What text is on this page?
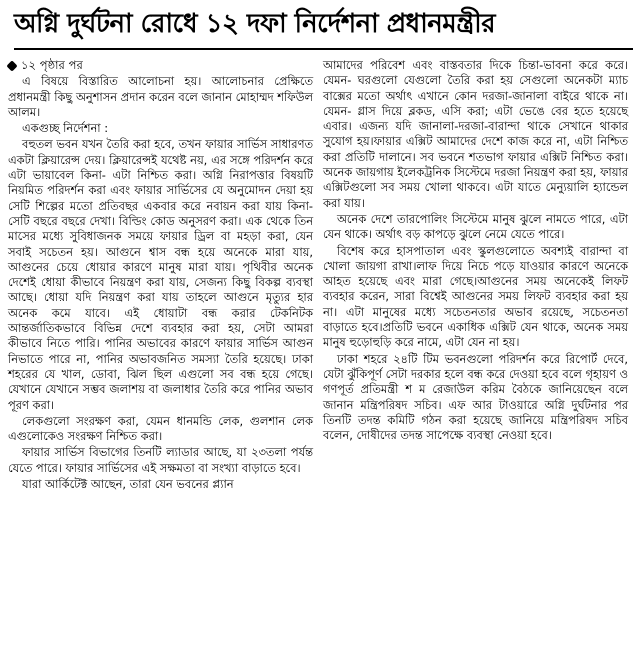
অগ্নি দুর্ঘটনা রোধে ১২ দফা নির্দেশনা প্রধানমন্ত্রীর
১২ পৃষ্ঠার পর

এ বিষয়ে বিস্তারিত আলোচনা হয়। আলোচনার প্রেক্ষিতে প্রধানমন্ত্রী কিছু অনুশাসন প্রদান করেন বলে জানান মোহাম্মদ শফিউল আলম।

একগুচ্ছ নির্দেশনা :

বহুতল ভবন যখন তৈরি করা হবে, তখন ফায়ার সার্ভিস সাধারণত একটা ক্লিয়ারেন্স দেয়। ক্লিয়ারেন্সই যথেষ্ট নয়, এর সঙ্গে পরিদর্শন করে এটা ভায়াবেল কিনা- এটা নিশ্চিত করা। অগ্নি নিরাপত্তার বিষয়টি নিয়মিত পরিদর্শন করা এবং ফায়ার সার্ভিসের যে অনুমোদন দেয়া হয় সেটি শিল্পের মতো প্রতিবছর একবার করে নবায়ন করা যায় কিনা- সেটি বছরে বছরে দেখা। বিল্ডিং কোড অনুসরণ করা। এক থেকে তিন মাসের মধ্যে সুবিধাজনক সময়ে ফায়ার ড্রিল বা মহড়া করা, যেন সবাই সচেতন হয়। আগুনে শ্বাস বন্ধ হয়ে অনেকে মারা যায়, আগুনের চেয়ে ধোয়ার কারণে মানুষ মারা যায়। পৃথিবীর অনেক দেশেই ধোয়া কীভাবে নিয়ন্ত্রণ করা যায়, সেজন্য কিছু বিকল্প ব্যবস্থা আছে। ধোয়া যদি নিয়ন্ত্রণ করা যায় তাহলে আগুনে মৃত্যুর হার অনেক কমে যাবে। এই ধোয়াটা বন্ধ করার টেকনিটক আন্তর্জাতিকভাবে বিভিন্ন দেশে ব্যবহার করা হয়, সেটা আমরা কীভাবে নিতে পারি। পানির অভাবের কারণে ফায়ার সার্ভিস আগুন নিভাতে পারে না, পানির অভাবজনিত সমস্যা তৈরি হয়েছে। ঢাকা শহরের যে খাল, ডোবা, ঝিল ছিল এগুলো সব বন্ধ হয়ে গেছে। যেখানে যেখানে সম্ভব জলাশয় বা জলাধার তৈরি করে পানির অভাব পূরণ করা।

লেকগুলো সংরক্ষণ করা, যেমন ধানমন্ডি লেক, গুলশান লেক এগুলোকেও সংরক্ষণ নিশ্চিত করা।

ফায়ার সার্ভিস বিভাগের তিনটি ল্যাডার আছে, যা ২৩তলা পর্যন্ত যেতে পারে। ফায়ার সার্ভিসের এই সক্ষমতা বা সংখ্যা বাড়াতে হবে।

যারা আর্কিটেক্ট আছেন, তারা যেন ভবনের প্ল্যান

আমাদের পরিবেশ এবং বাস্তবতার দিকে চিন্তা-ভাবনা করে করে। যেমন- ঘরগুলো যেগুলো তৈরি করা হয় সেগুলো অনেকটা ম্যাচ বাক্সের মতো অর্থাৎ এখানে কোন দরজা-জানালা বাইরে থাকে না। যেমন- গ্লাস দিয়ে ব্লকড, এসি করা; এটা ভেঙে বের হতে হয়েছে এবার। এজন্য যদি জানালা-দরজা-বারান্দা থাকে সেখানে থাকার সুযোগ হয়।ফায়ার এক্সিট আমাদের দেশে কাজ করে না, এটা নিশ্চিত করা প্রতিটি দালানে। সব ভবনে শতভাগ ফায়ার এক্সিট নিশ্চিত করা। অনেক জায়গায় ইলেকট্রনিক সিস্টেমে দরজা নিয়ন্ত্রণ করা হয়, ফায়ার এক্সিটগুলো সব সময় খোলা থাকবে। এটা যাতে মেন্যুয়ালি হ্যান্ডেল করা যায়।

অনেক দেশে তারপোলিং সিস্টেমে মানুষ ঝুলে নামতে পারে, এটা যেন থাকে। অর্থাৎ বড় কাপড়ে ঝুলে নেমে যেতে পারে।

বিশেষ করে হাসপাতাল এবং স্কুলগুলোতে অবশ্যই বারান্দা বা খোলা জায়গা রাখা।লাফ দিয়ে নিচে পড়ে যাওয়ার কারণে অনেকে আহত হয়েছে এবং মারা গেছে।আগুনের সময় অনেকেই লিফট ব্যবহার করেন, সারা বিশ্বেই আগুনের সময় লিফট ব্যবহার করা হয় না। এটা মানুষের মধ্যে সচেতনতার অভাব রয়েছে, সচেতনতা বাড়াতে হবে।প্রতিটি ভবনে একাধিক এক্সিট যেন থাকে, অনেক সময় মানুষ হুড়োহুড়ি করে নামে, এটা যেন না হয়।

ঢাকা শহরে ২৪টি টিম ভবনগুলো পরিদর্শন করে রিপোর্ট দেবে, যেটা ঝুঁকিপূর্ণ সেটা দরকার হলে বন্ধ করে দেওয়া হবে বলে গৃহায়ণ ও গণপূর্ত প্রতিমন্ত্রী শ ম রেজাউল করিম বৈঠকে জানিয়েছেন বলে জানান মন্ত্রিপরিষদ সচিব। এফ আর টাওয়ারে অগ্নি দুর্ঘটনার পর তিনটি তদন্ত কমিটি গঠন করা হয়েছে জানিয়ে মন্ত্রিপরিষদ সচিব বলেন, দোষীদের তদন্ত সাপেক্ষে ব্যবস্থা নেওয়া হবে।
